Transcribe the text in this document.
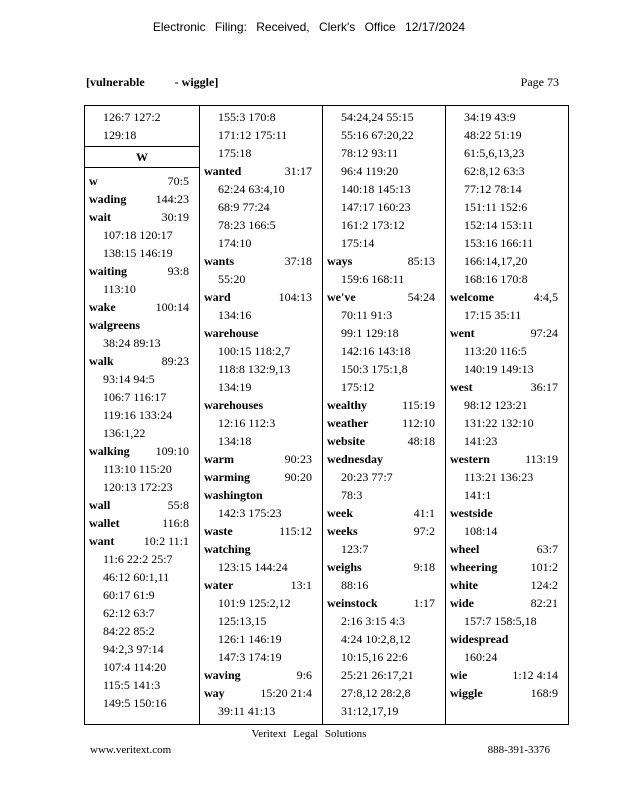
Electronic Filing: Received, Clerk's Office 12/17/2024
[vulnerable          - wiggle]	Page 73
126:7 127:2
129:18
W
w	70:5
wading 144:23
wait	30:19
107:18 120:17
138:15 146:19
waiting	93:8
113:10
wake	100:14
walgreens
38:24 89:13
walk	89:23
93:14 94:5
106:7 116:17
119:16 133:24
136:1,22
walking 109:10
113:10 115:20
120:13 172:23
wall	55:8
wallet	116:8
want 10:2 11:1
11:6 22:2 25:7
46:12 60:1,11
60:17 61:9
62:12 63:7
84:22 85:2
94:2,3 97:14
107:4 114:20
115:5 141:3
149:5 150:16
155:3 170:8
171:12 175:11
175:18
wanted	31:17
62:24 63:4,10
68:9 77:24
78:23 166:5
174:10
wants	37:18
55:20
ward	104:13
134:16
warehouse
100:15 118:2,7
118:8 132:9,13
134:19
warehouses
12:16 112:3
134:18
warm	90:23
warming	90:20
washington
142:3 175:23
waste	115:12
watching
123:15 144:24
water	13:1
101:9 125:2,12
125:13,15
126:1 146:19
147:3 174:19
waving	9:6
way	15:20 21:4
39:11 41:13
54:24,24 55:15
55:16 67:20,22
78:12 93:11
96:4 119:20
140:18 145:13
147:17 160:23
161:2 173:12
175:14
ways	85:13
159:6 168:11
we've	54:24
70:11 91:3
99:1 129:18
142:16 143:18
150:3 175:1,8
175:12
wealthy	115:19
weather	112:10
website	48:18
wednesday
20:23 77:7
78:3
week	41:1
weeks	97:2
123:7
weighs	9:18
88:16
weinstock	1:17
2:16 3:15 4:3
4:24 10:2,8,12
10:15,16 22:6
25:21 26:17,21
27:8,12 28:2,8
31:12,17,19
34:19 43:9
48:22 51:19
61:5,6,13,23
62:8,12 63:3
77:12 78:14
151:11 152:6
152:14 153:11
153:16 166:11
166:14,17,20
168:16 170:8
welcome	4:4,5
17:15 35:11
went	97:24
113:20 116:5
140:19 149:13
west	36:17
98:12 123:21
131:22 132:10
141:23
western	113:19
113:21 136:23
141:1
westside
108:14
wheel	63:7
wheering	101:2
white	124:2
wide	82:21
157:7 158:5,18
widespread
160:24
wie	1:12 4:14
wiggle	168:9
Veritext Legal Solutions
www.veritext.com	888-391-3376
